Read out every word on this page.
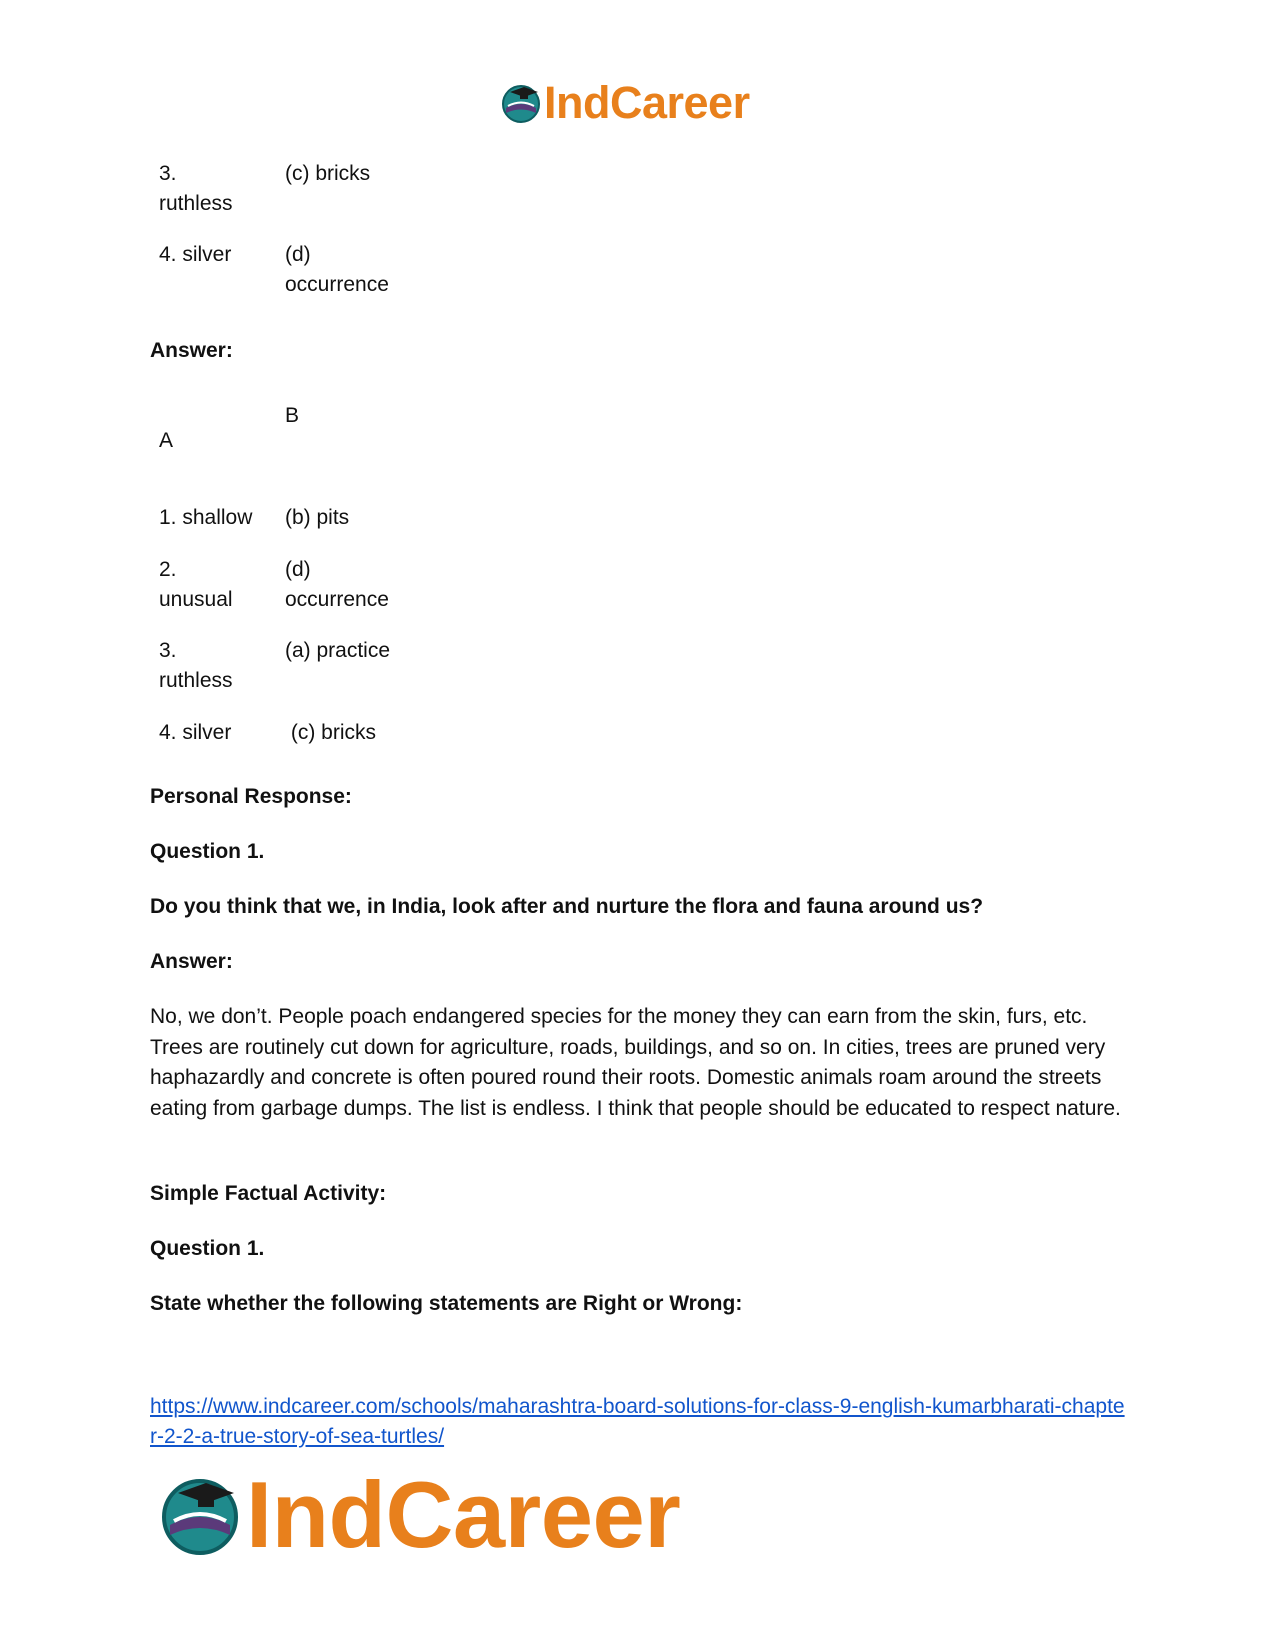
IndCareer
3.
ruthless
(c) bricks
4. silver	(d)
occurrence
Answer:
A
B
1. shallow (b) pits
2.
unusual
(d)
occurrence
3.
ruthless
(a) practice
4. silver	(c) bricks
Personal Response:
Question 1.
Do you think that we, in India, look after and nurture the flora and fauna around us?
Answer:
No, we don’t. People poach endangered species for the money they can earn from the skin, furs, etc. Trees are routinely cut down for agriculture, roads, buildings, and so on. In cities, trees are pruned very haphazardly and concrete is often poured round their roots. Domestic animals roam around the streets eating from garbage dumps. The list is endless. I think that people should be educated to respect nature.
Simple Factual Activity:
Question 1.
State whether the following statements are Right or Wrong:
https://www.indcareer.com/schools/maharashtra-board-solutions-for-class-9-english-kumarbharati-chapter-2-2-a-true-story-of-sea-turtles/
IndCareer
